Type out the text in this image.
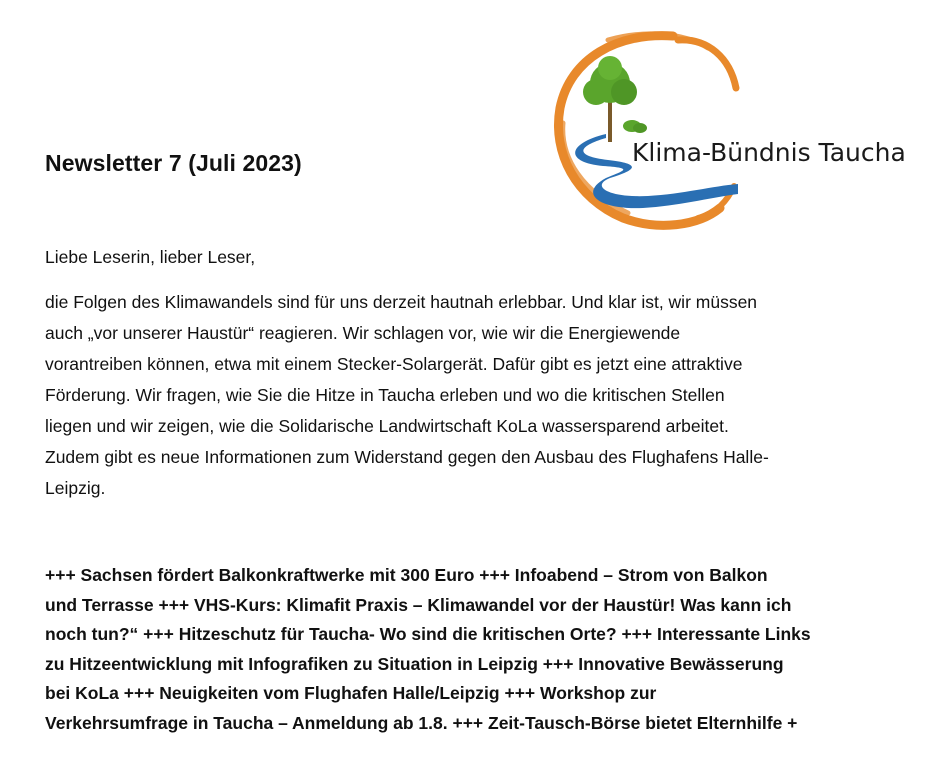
Newsletter 7 (Juli 2023)	Klima-Bündnis Taucha
Liebe Leserin, lieber Leser,
die Folgen des Klimawandels sind für uns derzeit hautnah erlebbar. Und klar ist, wir müssen
auch „vor unserer Haustür“ reagieren. Wir schlagen vor, wie wir die Energiewende
vorantreiben können, etwa mit einem Stecker-Solargerät. Dafür gibt es jetzt eine attraktive
Förderung. Wir fragen, wie Sie die Hitze in Taucha erleben und wo die kritischen Stellen
liegen und wir zeigen, wie die Solidarische Landwirtschaft KoLa wassersparend arbeitet.
Zudem gibt es neue Informationen zum Widerstand gegen den Ausbau des Flughafens Halle-
Leipzig.
+++ Sachsen fördert Balkonkraftwerke mit 300 Euro +++ Infoabend – Strom von Balkon
und Terrasse +++ VHS-Kurs: Klimafit Praxis – Klimawandel vor der Haustür! Was kann ich
noch tun?“ +++ Hitzeschutz für Taucha- Wo sind die kritischen Orte? +++ Interessante Links
zu Hitzeentwicklung mit Infografiken zu Situation in Leipzig +++ Innovative Bewässerung
bei KoLa +++ Neuigkeiten vom Flughafen Halle/Leipzig +++ Workshop zur
Verkehrsumfrage in Taucha – Anmeldung ab 1.8. +++ Zeit-Tausch-Börse bietet Elternhilfe +
